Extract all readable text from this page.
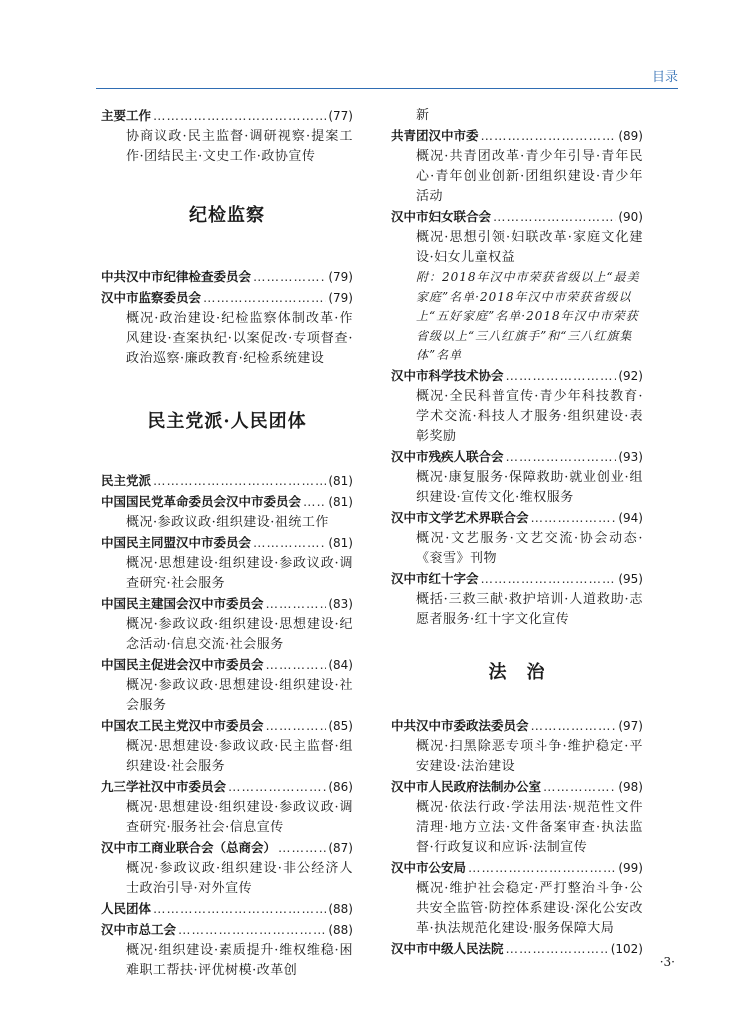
目录
主要工作 ……………………………………………………………………………………………………………	(77)
协商议政·民主监督·调研视察·提案工作·团结民主·文史工作·政协宣传
纪检监察
中共汉中市纪律检查委员会 ……………………………………………………………………………………………………………	(79)
汉中市监察委员会 ……………………………………………………………………………………………………………	(79)
概况·政治建设·纪检监察体制改革·作风建设·查案执纪·以案促改·专项督查·政治巡察·廉政教育·纪检系统建设
民主党派·人民团体
民主党派 ……………………………………………………………………………………………………………	(81)
中国国民党革命委员会汉中市委员会 …………………………………………………………………………………………………………… (81)
概况·参政议政·组织建设·祖统工作
中国民主同盟汉中市委员会 ……………………………………………………………………………………………………………	(81)
概况·思想建设·组织建设·参政议政·调查研究·社会服务
中国民主建国会汉中市委员会 ……………………………………………………………………………………………………………	(83)
概况·参政议政·组织建设·思想建设·纪念活动·信息交流·社会服务
中国民主促进会汉中市委员会 ……………………………………………………………………………………………………………	(84)
概况·参政议政·思想建设·组织建设·社会服务
中国农工民主党汉中市委员会 ……………………………………………………………………………………………………………	(85)
概况·思想建设·参政议政·民主监督·组织建设·社会服务
九三学社汉中市委员会 ……………………………………………………………………………………………………………	(86)
概况·思想建设·组织建设·参政议政·调查研究·服务社会·信息宣传
汉中市工商业联合会（总商会） ……………………………………………………………………………………………………………	(87)
概况·参政议政·组织建设·非公经济人士政治引导·对外宣传
人民团体 ……………………………………………………………………………………………………………	(88)
汉中市总工会 ……………………………………………………………………………………………………………	(88)
概况·组织建设·素质提升·维权维稳·困难职工帮扶·评优树模·改革创
新
共青团汉中市委 ……………………………………………………………………………………………………………	(89)
概况·共青团改革·青少年引导·青年民心·青年创业创新·团组织建设·青少年活动
汉中市妇女联合会 ……………………………………………………………………………………………………………	(90)
概况·思想引领·妇联改革·家庭文化建设·妇女儿童权益
附：2018年汉中市荣获省级以上“最美家庭”名单·2018年汉中市荣获省级以上“五好家庭”名单·2018年汉中市荣获省级以上“三八红旗手”和“三八红旗集体”名单
汉中市科学技术协会 ……………………………………………………………………………………………………………	(92)
概况·全民科普宣传·青少年科技教育·学术交流·科技人才服务·组织建设·表彰奖励
汉中市残疾人联合会 ……………………………………………………………………………………………………………	(93)
概况·康复服务·保障救助·就业创业·组织建设·宣传文化·维权服务
汉中市文学艺术界联合会 ……………………………………………………………………………………………………………	(94)
概况·文艺服务·文艺交流·协会动态·《衮雪》刊物
汉中市红十字会 ……………………………………………………………………………………………………………	(95)
概括·三救三献·救护培训·人道救助·志愿者服务·红十字文化宣传
法　治
中共汉中市委政法委员会 ……………………………………………………………………………………………………………	(97)
概况·扫黑除恶专项斗争·维护稳定·平安建设·法治建设
汉中市人民政府法制办公室 ……………………………………………………………………………………………………………	(98)
概况·依法行政·学法用法·规范性文件清理·地方立法·文件备案审查·执法监督·行政复议和应诉·法制宣传
汉中市公安局 ……………………………………………………………………………………………………………	(99)
概况·维护社会稳定·严打整治斗争·公共安全监管·防控体系建设·深化公安改革·执法规范化建设·服务保障大局
汉中市中级人民法院 ……………………………………………………………………………………………………………	(102)
·3·
